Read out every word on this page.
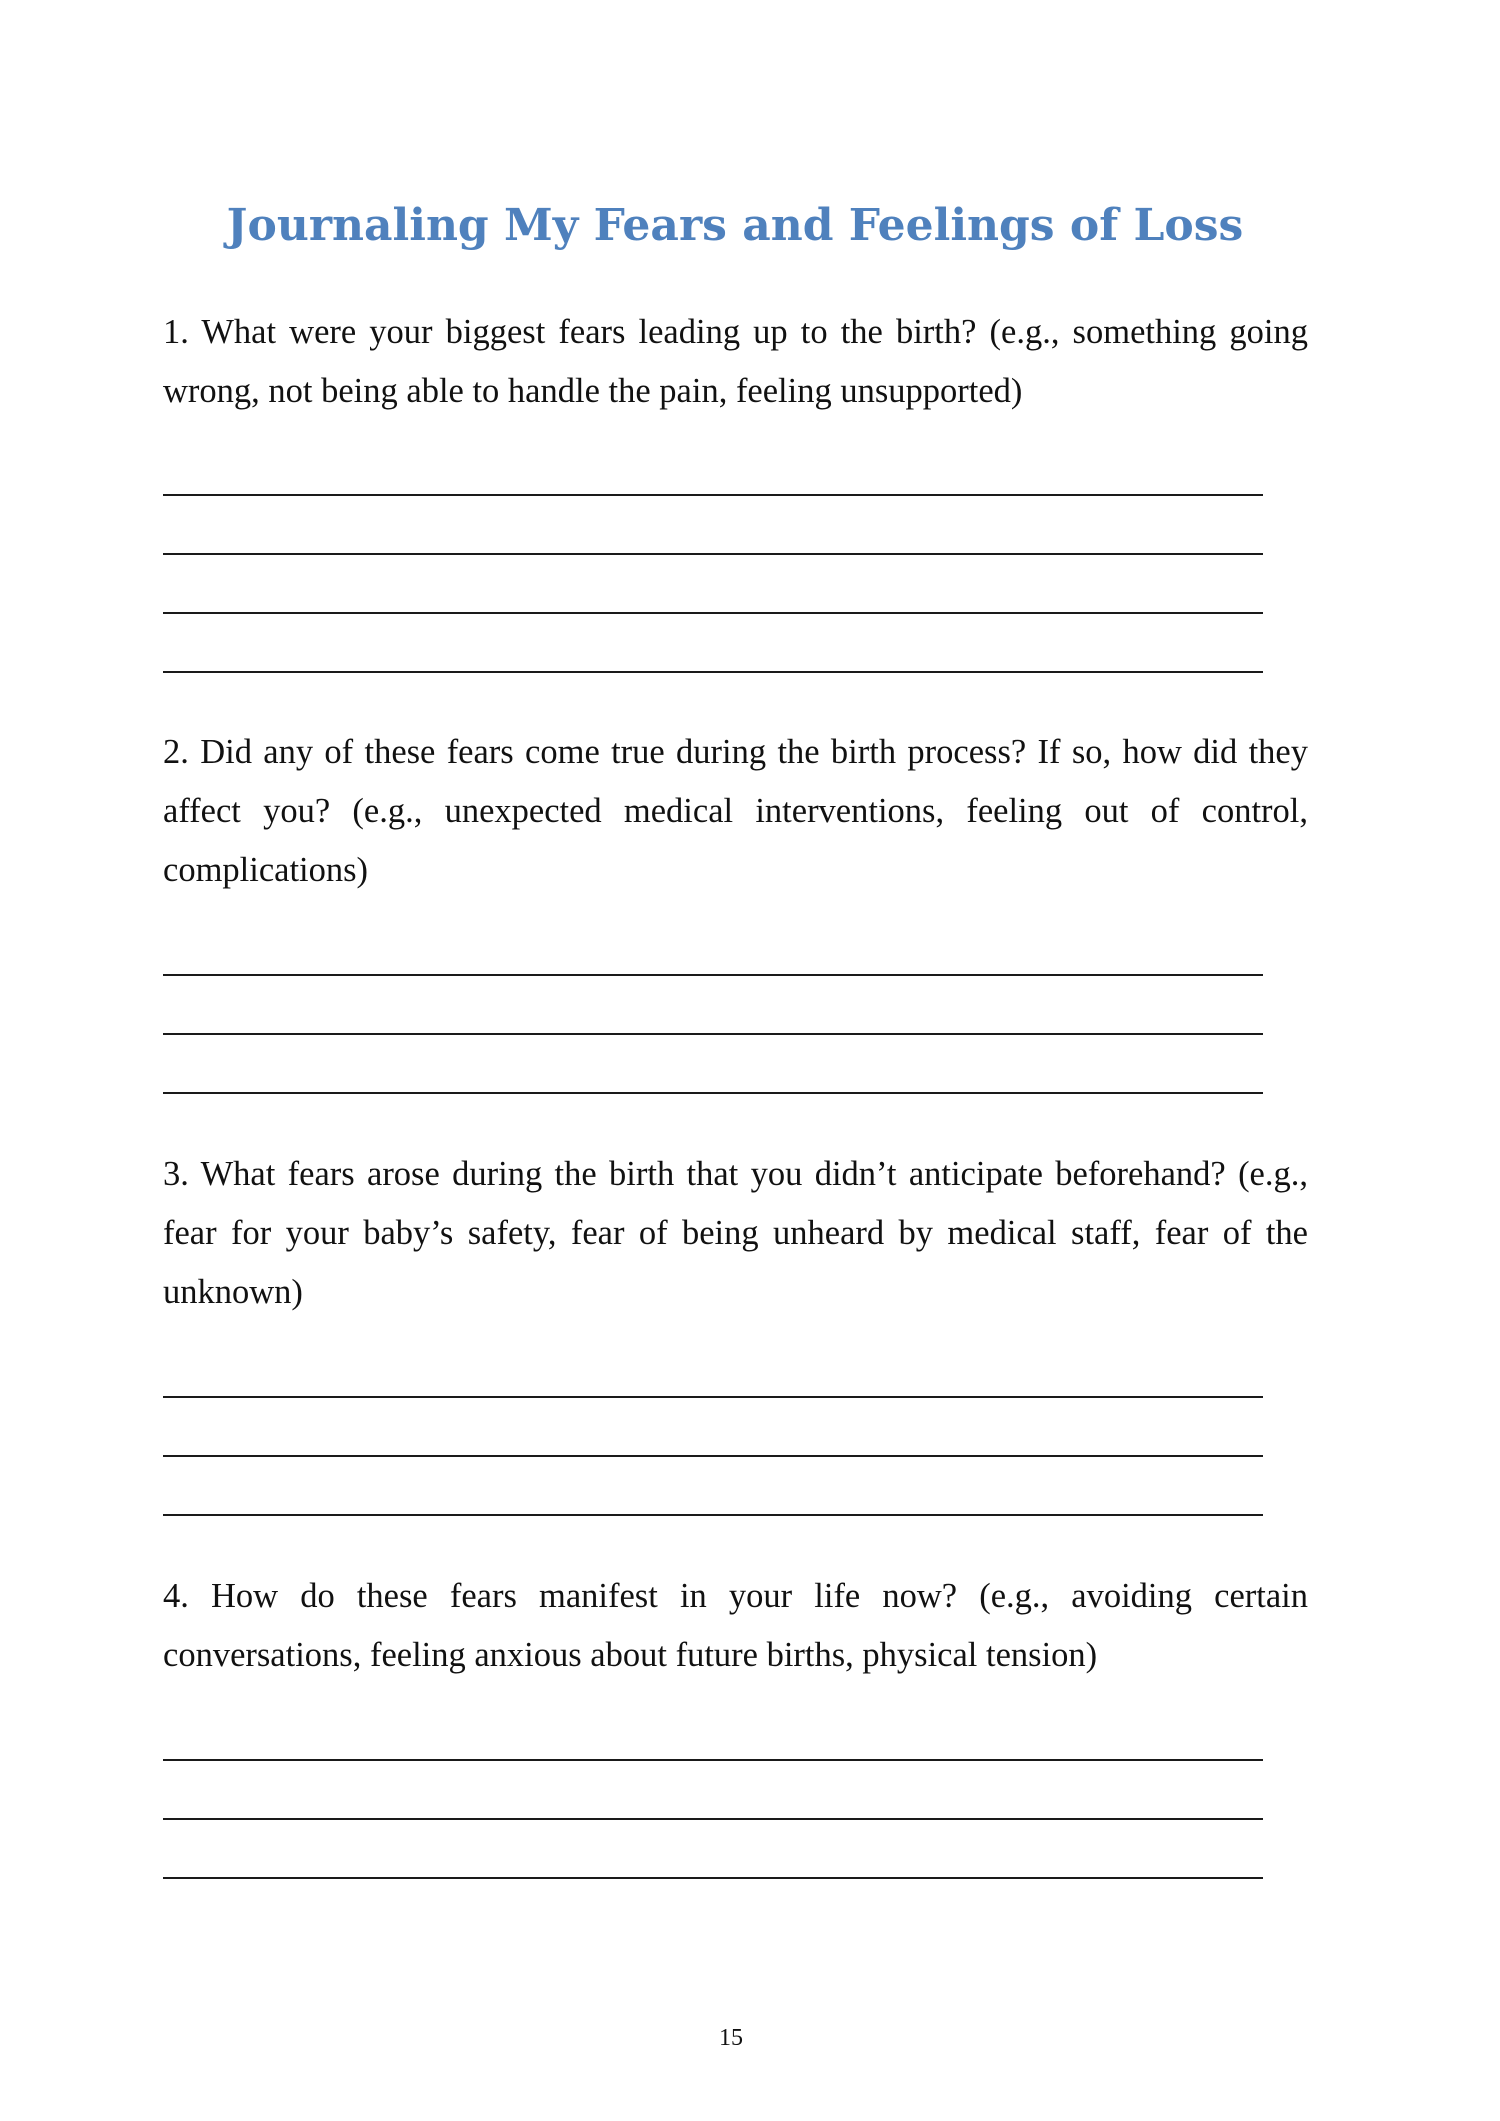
Journaling My Fears and Feelings of Loss

1. What were your biggest fears leading up to the birth? (e.g., something going wrong, not being able to handle the pain, feeling unsupported)

2. Did any of these fears come true during the birth process? If so, how did they affect you? (e.g., unexpected medical interventions, feeling out of control, complications)

3. What fears arose during the birth that you didn’t anticipate beforehand? (e.g., fear for your baby’s safety, fear of being unheard by medical staff, fear of the unknown)

4. How do these fears manifest in your life now? (e.g., avoiding certain conversations, feeling anxious about future births, physical tension)

15
